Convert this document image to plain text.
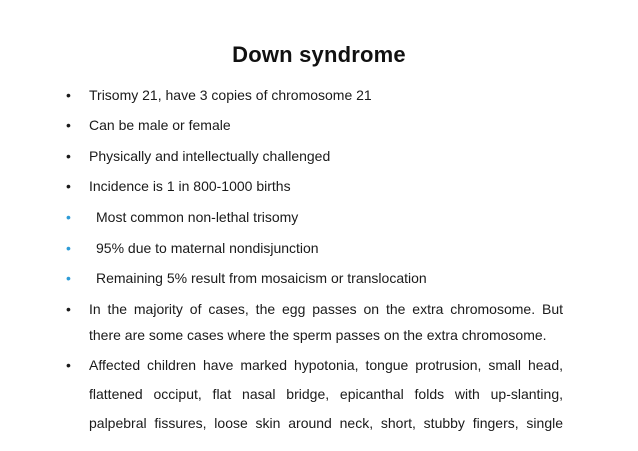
Down syndrome
• Trisomy 21, have 3 copies of chromosome 21
• Can be male or female
• Physically and intellectually challenged
• Incidence is 1 in 800-1000 births
• Most common non-lethal trisomy
• 95% due to maternal nondisjunction
• Remaining 5% result from mosaicism or translocation
• In the majority of cases, the egg passes on the extra chromosome. But
there are some cases where the sperm passes on the extra chromosome.
• Affected children have marked hypotonia, tongue protrusion, small head,
flattened occiput, flat nasal bridge, epicanthal folds with up-slanting,
palpebral fissures, loose skin around neck, short, stubby fingers, single
